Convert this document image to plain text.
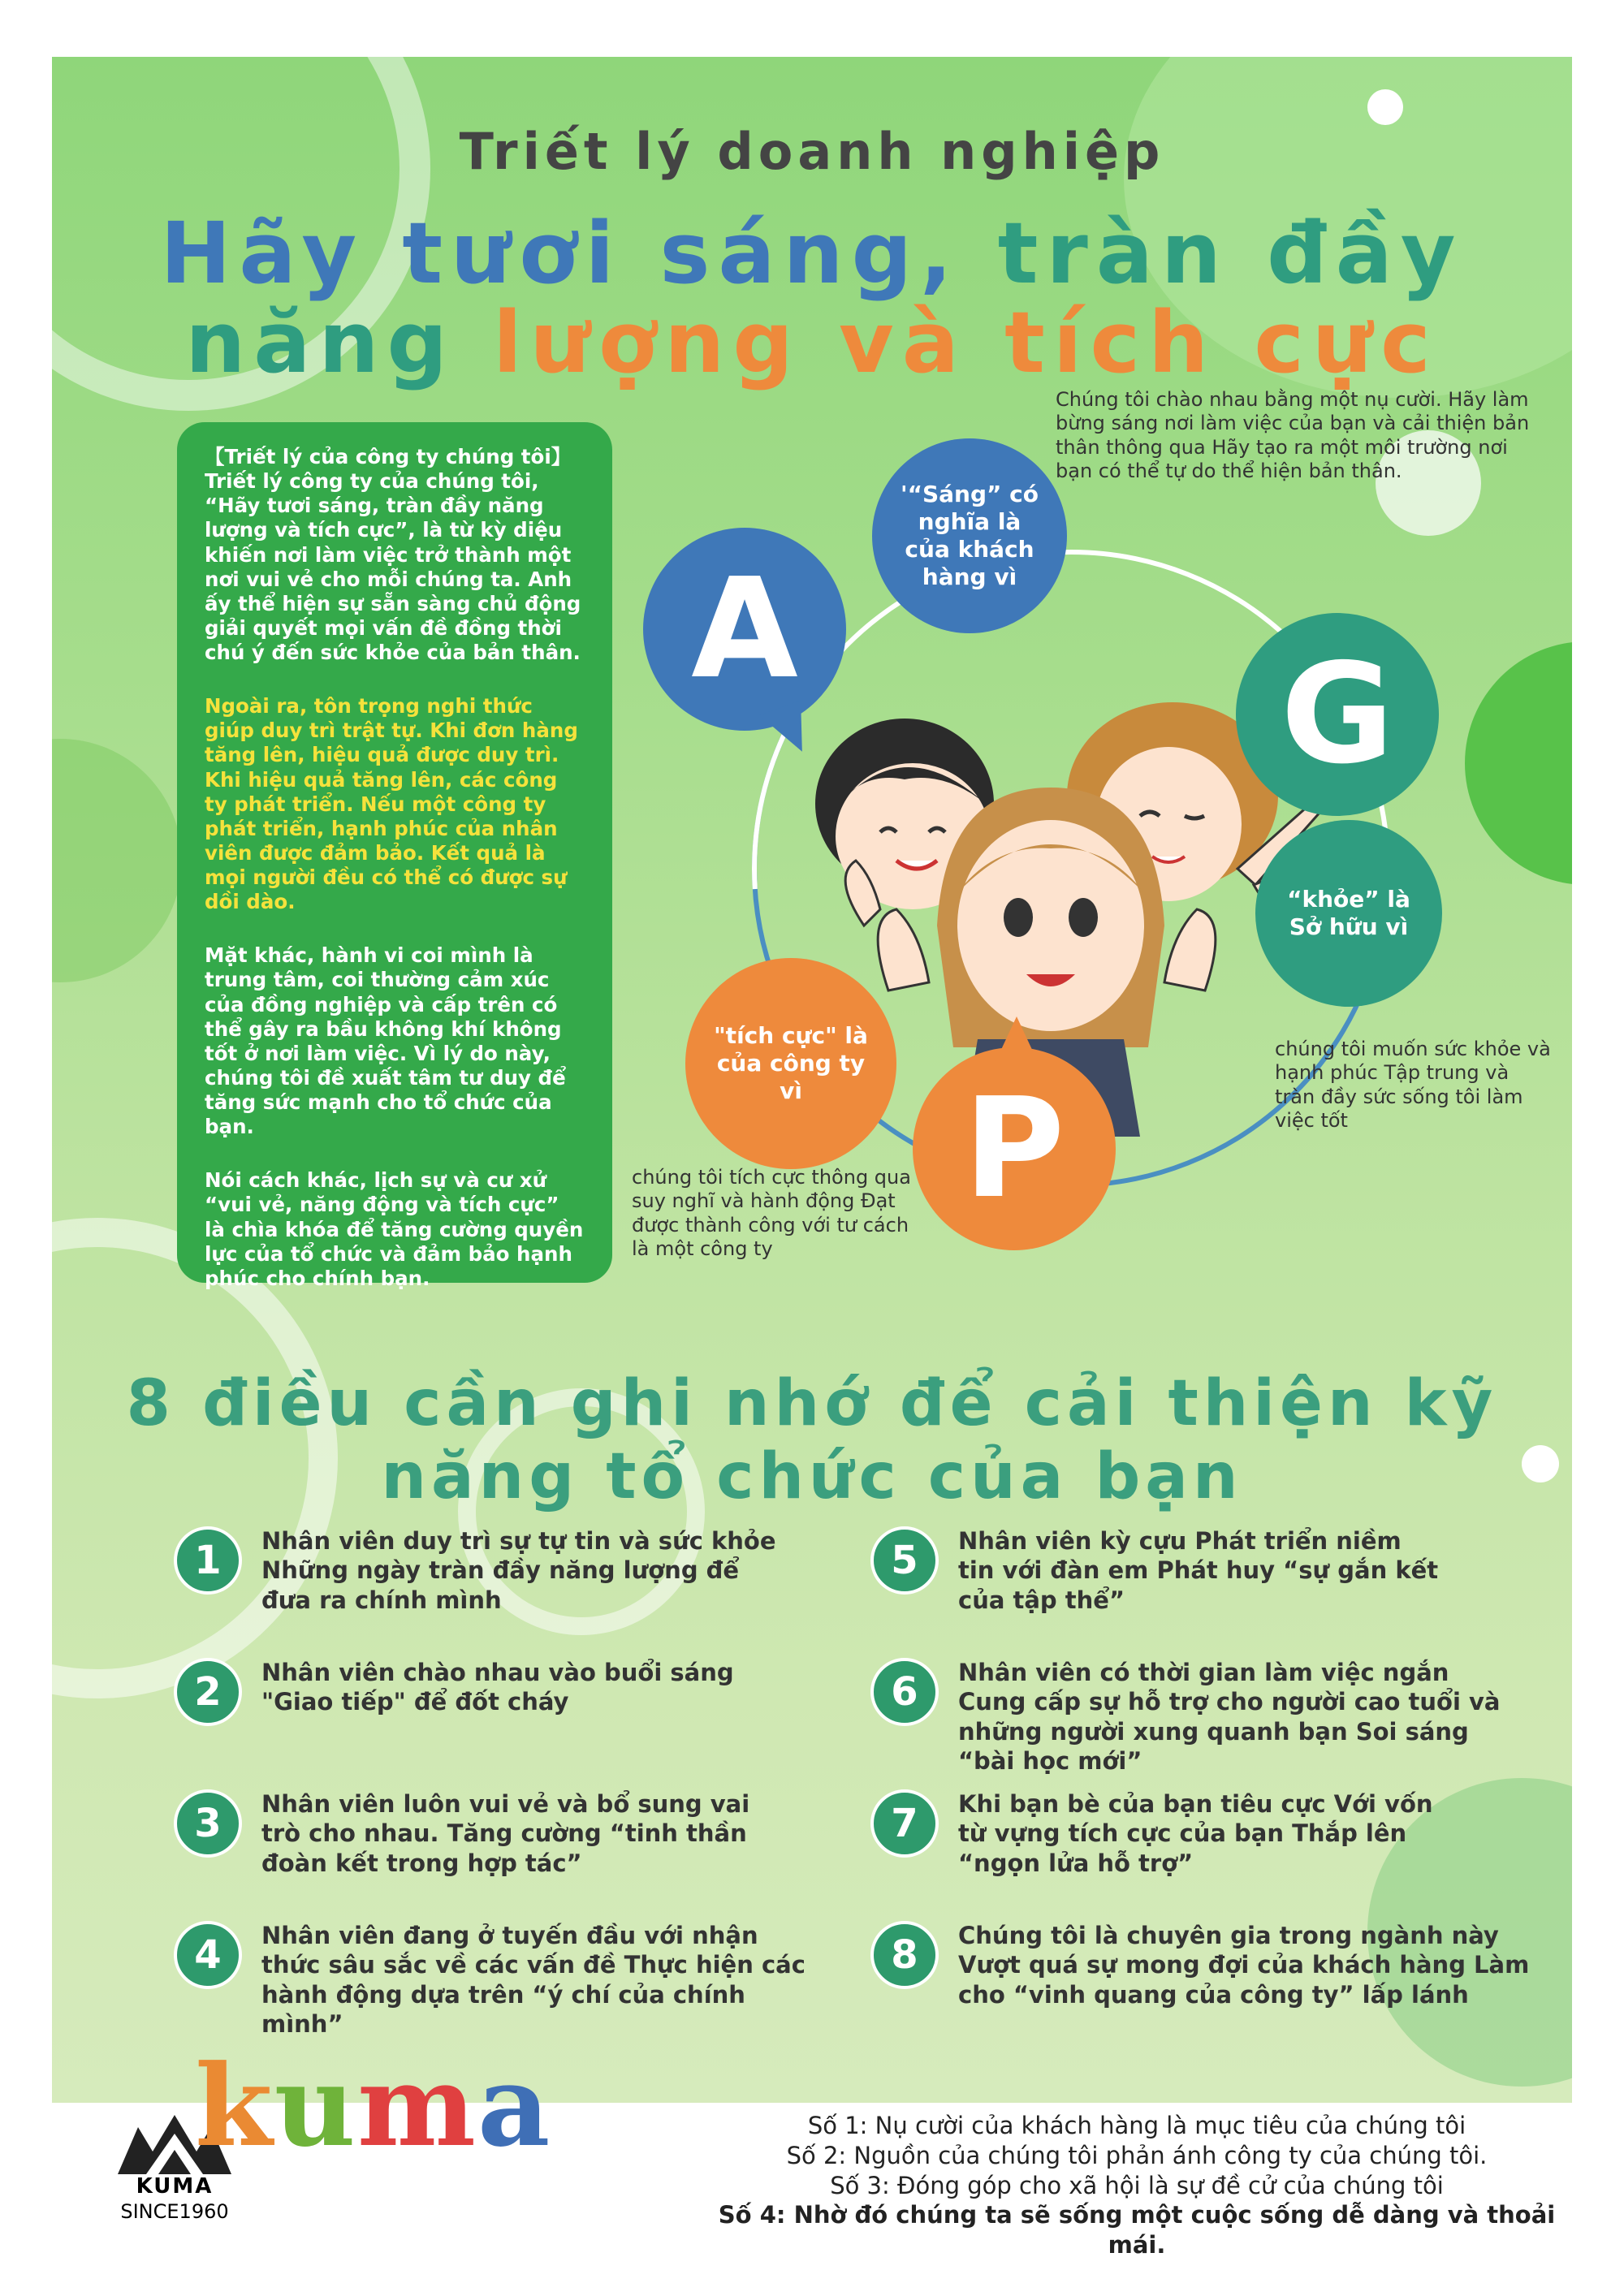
Triết lý doanh nghiệp
Hãy tươi sáng, tràn đầy
năng lượng và tích cực
【Triết lý của công ty chúng tôi】

Triết lý công ty của chúng tôi, “Hãy tươi sáng, tràn đầy năng lượng và tích cực”, là từ kỳ diệu khiến nơi làm việc trở thành một nơi vui vẻ cho mỗi chúng ta. Anh ấy thể hiện sự sẵn sàng chủ động giải quyết mọi vấn đề đồng thời chú ý đến sức khỏe của bản thân.

Ngoài ra, tôn trọng nghi thức giúp duy trì trật tự. Khi đơn hàng tăng lên, hiệu quả được duy trì. Khi hiệu quả tăng lên, các công ty phát triển. Nếu một công ty phát triển, hạnh phúc của nhân viên được đảm bảo. Kết quả là mọi người đều có thể có được sự dồi dào.

Mặt khác, hành vi coi mình là trung tâm, coi thường cảm xúc của đồng nghiệp và cấp trên có thể gây ra bầu không khí không tốt ở nơi làm việc. Vì lý do này, chúng tôi đề xuất tâm tư duy để tăng sức mạnh cho tổ chức của bạn.

Nói cách khác, lịch sự và cư xử “vui vẻ, năng động và tích cực” là chìa khóa để tăng cường quyền lực của tổ chức và đảm bảo hạnh phúc cho chính bạn.

A
G
P
'“Sáng” có nghĩa là của khách hàng vì
“khỏe” là Sở hữu vì
"tích cực" là của công ty vì
Chúng tôi chào nhau bằng một nụ cười. Hãy làm bừng sáng nơi làm việc của bạn và cải thiện bản thân thông qua Hãy tạo ra một môi trường nơi bạn có thể tự do thể hiện bản thân.
chúng tôi muốn sức khỏe và hạnh phúc Tập trung và tràn đầy sức sống tôi làm việc tốt
chúng tôi tích cực thông qua suy nghĩ và hành động Đạt được thành công với tư cách là một công ty
8 điều cần ghi nhớ để cải thiện kỹ
năng tổ chức của bạn
1	Nhân viên duy trì sự tự tin và sức khỏe Những ngày tràn đầy năng lượng để đưa ra chính mình
2	Nhân viên chào nhau vào buổi sáng "Giao tiếp" để đốt cháy
3	Nhân viên luôn vui vẻ và bổ sung vai trò cho nhau. Tăng cường “tinh thần đoàn kết trong hợp tác”
4	Nhân viên đang ở tuyến đầu với nhận thức sâu sắc về các vấn đề Thực hiện các hành động dựa trên “ý chí của chính mình”
5	Nhân viên kỳ cựu Phát triển niềm tin với đàn em Phát huy “sự gắn kết của tập thể”
6	Nhân viên có thời gian làm việc ngắn Cung cấp sự hỗ trợ cho người cao tuổi và những người xung quanh bạn Soi sáng “bài học mới”
7	Khi bạn bè của bạn tiêu cực Với vốn từ vựng tích cực của bạn Thắp lên “ngọn lửa hỗ trợ”
8	Chúng tôi là chuyên gia trong ngành này Vượt quá sự mong đợi của khách hàng Làm cho “vinh quang của công ty” lấp lánh
KUMA
SINCE1960
kuma	Số 1: Nụ cười của khách hàng là mục tiêu của chúng tôi
Số 2: Nguồn của chúng tôi phản ánh công ty của chúng tôi.
Số 3: Đóng góp cho xã hội là sự đề cử của chúng tôi
Số 4: Nhờ đó chúng ta sẽ sống một cuộc sống dễ dàng và thoải mái.
